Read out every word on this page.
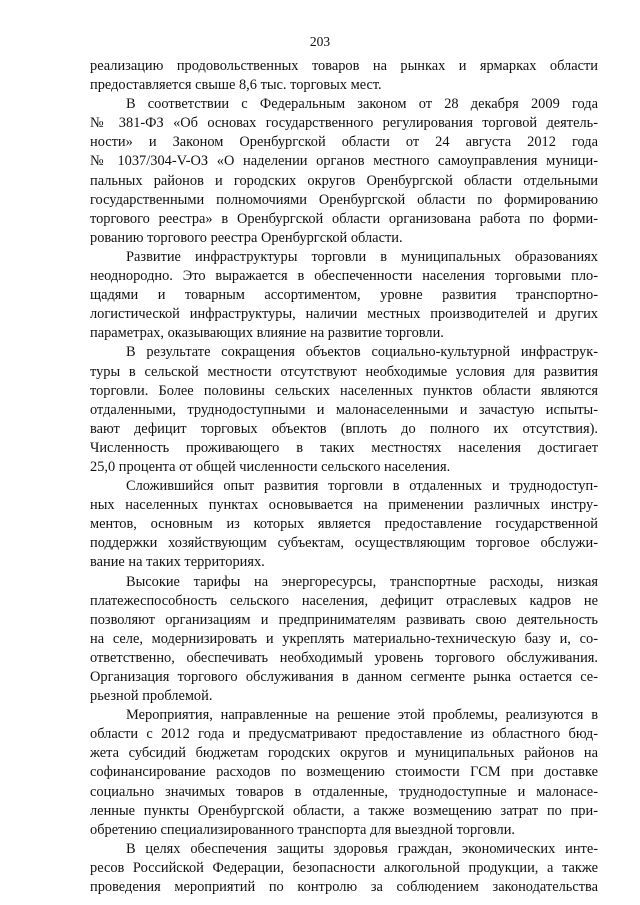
203
реализацию продовольственных товаров на рынках и ярмарках области
предоставляется свыше 8,6 тыс. торговых мест.
В соответствии с Федеральным законом от 28 декабря 2009 года
№ 381-ФЗ «Об основах государственного регулирования торговой деятель-
ности» и Законом Оренбургской области от 24 августа 2012 года
№ 1037/304-V-ОЗ «О наделении органов местного самоуправления муници-
пальных районов и городских округов Оренбургской области отдельными
государственными полномочиями Оренбургской области по формированию
торгового реестра» в Оренбургской области организована работа по форми-
рованию торгового реестра Оренбургской области.
Развитие инфраструктуры торговли в муниципальных образованиях
неоднородно. Это выражается в обеспеченности населения торговыми пло-
щадями и товарным ассортиментом, уровне развития транспортно-
логистической инфраструктуры, наличии местных производителей и других
параметрах, оказывающих влияние на развитие торговли.
В результате сокращения объектов социально-культурной инфраструк-
туры в сельской местности отсутствуют необходимые условия для развития
торговли. Более половины сельских населенных пунктов области являются
отдаленными, труднодоступными и малонаселенными и зачастую испыты-
вают дефицит торговых объектов (вплоть до полного их отсутствия).
Численность проживающего в таких местностях населения достигает
25,0 процента от общей численности сельского населения.
Сложившийся опыт развития торговли в отдаленных и труднодоступ-
ных населенных пунктах основывается на применении различных инстру-
ментов, основным из которых является предоставление государственной
поддержки хозяйствующим субъектам, осуществляющим торговое обслужи-
вание на таких территориях.
Высокие тарифы на энергоресурсы, транспортные расходы, низкая
платежеспособность сельского населения, дефицит отраслевых кадров не
позволяют организациям и предпринимателям развивать свою деятельность
на селе, модернизировать и укреплять материально-техническую базу и, со-
ответственно, обеспечивать необходимый уровень торгового обслуживания.
Организация торгового обслуживания в данном сегменте рынка остается се-
рьезной проблемой.
Мероприятия, направленные на решение этой проблемы, реализуются в
области с 2012 года и предусматривают предоставление из областного бюд-
жета субсидий бюджетам городских округов и муниципальных районов на
софинансирование расходов по возмещению стоимости ГСМ при доставке
социально значимых товаров в отдаленные, труднодоступные и малонасе-
ленные пункты Оренбургской области, а также возмещению затрат по при-
обретению специализированного транспорта для выездной торговли.
В целях обеспечения защиты здоровья граждан, экономических инте-
ресов Российской Федерации, безопасности алкогольной продукции, а также
проведения мероприятий по контролю за соблюдением законодательства
